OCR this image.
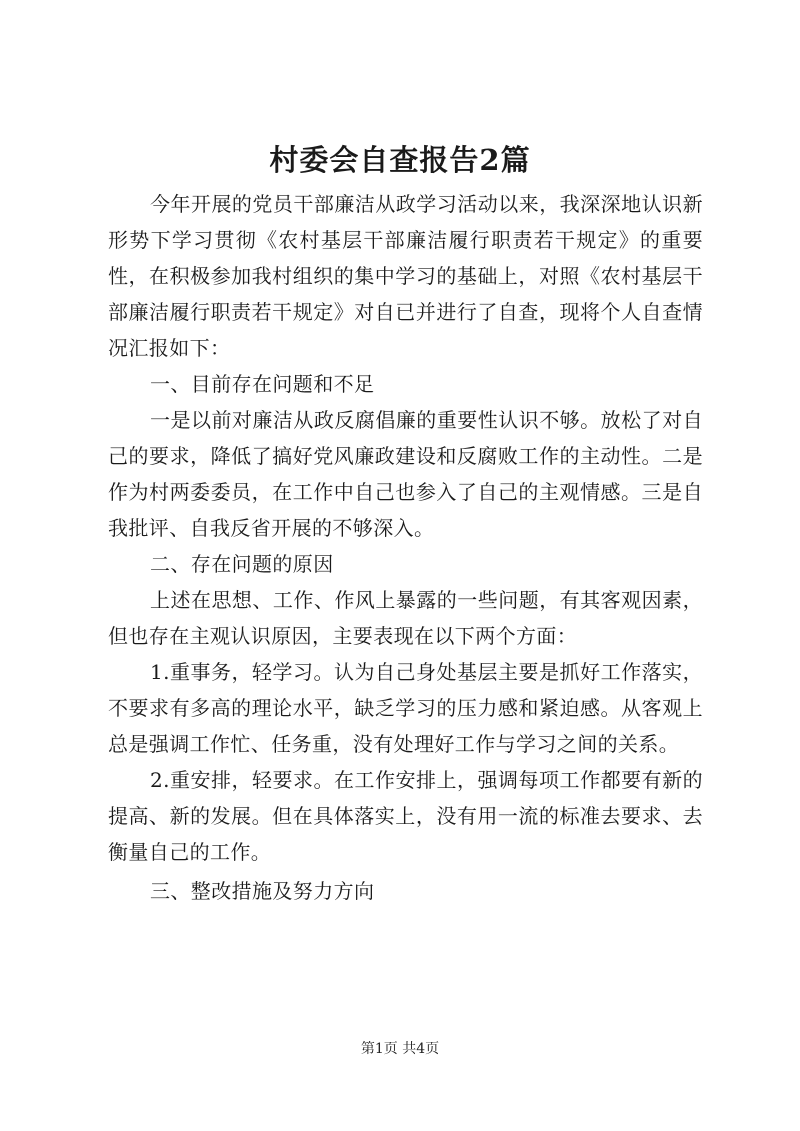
村委会自查报告2篇

今年开展的党员干部廉洁从政学习活动以来，我深深地认识新形势下学习贯彻《农村基层干部廉洁履行职责若干规定》的重要性，在积极参加我村组织的集中学习的基础上，对照《农村基层干部廉洁履行职责若干规定》对自已并进行了自查，现将个人自查情况汇报如下：

一、目前存在问题和不足

一是以前对廉洁从政反腐倡廉的重要性认识不够。放松了对自己的要求，降低了搞好党风廉政建设和反腐败工作的主动性。二是作为村两委委员，在工作中自己也参入了自己的主观情感。三是自我批评、自我反省开展的不够深入。

二、存在问题的原因

上述在思想、工作、作风上暴露的一些问题，有其客观因素，但也存在主观认识原因，主要表现在以下两个方面：

1.重事务，轻学习。认为自己身处基层主要是抓好工作落实，不要求有多高的理论水平，缺乏学习的压力感和紧迫感。从客观上总是强调工作忙、任务重，没有处理好工作与学习之间的关系。

2.重安排，轻要求。在工作安排上，强调每项工作都要有新的提高、新的发展。但在具体落实上，没有用一流的标准去要求、去衡量自己的工作。

三、整改措施及努力方向

第1页 共4页
